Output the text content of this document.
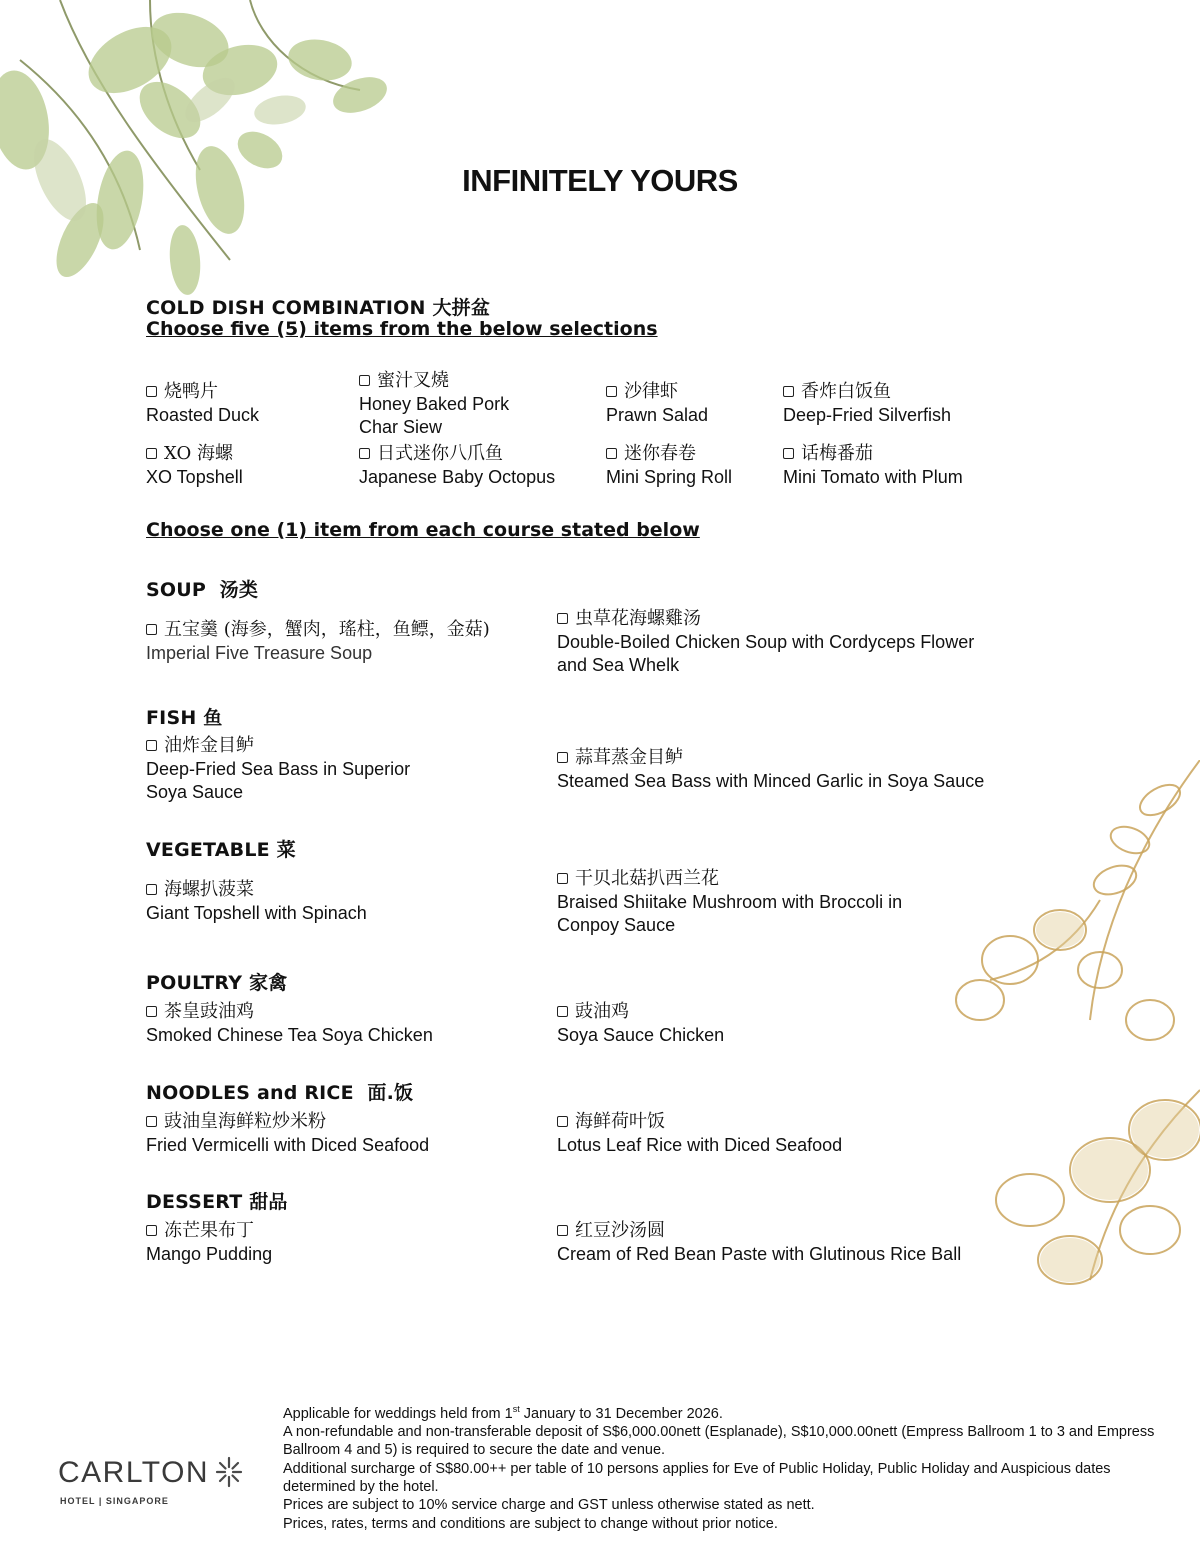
INFINITELY YOURS
COLD DISH COMBINATION 大拼盆
Choose five (5) items from the below selections
烧鸭片
Roasted Duck
蜜汁叉燒
Honey Baked Pork
Char Siew
沙律虾
Prawn Salad
香炸白饭鱼
Deep-Fried Silverfish
XO 海螺
XO Topshell
日式迷你八爪鱼
Japanese Baby Octopus
迷你春卷
Mini Spring Roll
话梅番茄
Mini Tomato with Plum
Choose one (1) item from each course stated below
SOUP 汤类
五宝羹 (海参，蟹肉，瑤柱，鱼鳔，金菇)
Imperial Five Treasure Soup
虫草花海螺雞汤
Double-Boiled Chicken Soup with Cordyceps Flower
and Sea Whelk
FISH 鱼
油炸金目鲈
Deep-Fried Sea Bass in Superior
Soya Sauce
蒜茸蒸金目鲈
Steamed Sea Bass with Minced Garlic in Soya Sauce
VEGETABLE 菜
海螺扒菠菜
Giant Topshell with Spinach
干贝北菇扒西兰花
Braised Shiitake Mushroom with Broccoli in
Conpoy Sauce
POULTRY 家禽
茶皇豉油鸡
Smoked Chinese Tea Soya Chicken
豉油鸡
Soya Sauce Chicken
NOODLES and RICE 面.饭
豉油皇海鲜粒炒米粉
Fried Vermicelli with Diced Seafood
海鲜荷叶饭
Lotus Leaf Rice with Diced Seafood
DESSERT 甜品
冻芒果布丁
Mango Pudding
红豆沙汤圆
Cream of Red Bean Paste with Glutinous Rice Ball
Applicable for weddings held from 1st January to 31 December 2026.
A non-refundable and non-transferable deposit of S$6,000.00nett (Esplanade), S$10,000.00nett (Empress Ballroom 1 to 3 and Empress Ballroom 4 and 5) is required to secure the date and venue.
Additional surcharge of S$80.00++ per table of 10 persons applies for Eve of Public Holiday, Public Holiday and Auspicious dates determined by the hotel.
Prices are subject to 10% service charge and GST unless otherwise stated as nett.
Prices, rates, terms and conditions are subject to change without prior notice.
CARLTON
HOTEL | SINGAPORE
